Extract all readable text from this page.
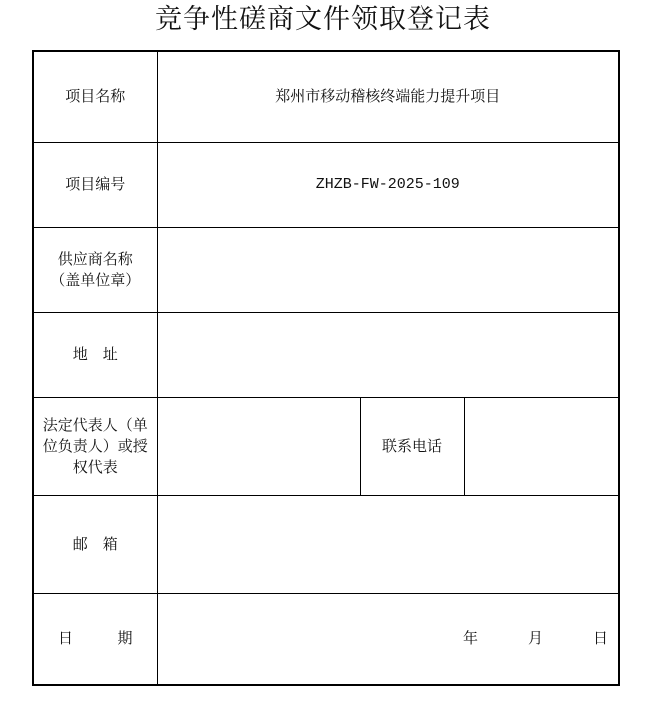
竞争性磋商文件领取登记表
项目名称	郑州市移动稽核终端能力提升项目		
项目编号	ZHZB-FW-2025-109		

供应商名称
（盖单位章）			

地　址			
法定代表人（单位负责人）或授权代表		联系电话	
邮　箱			

日 期	年 月 日		
